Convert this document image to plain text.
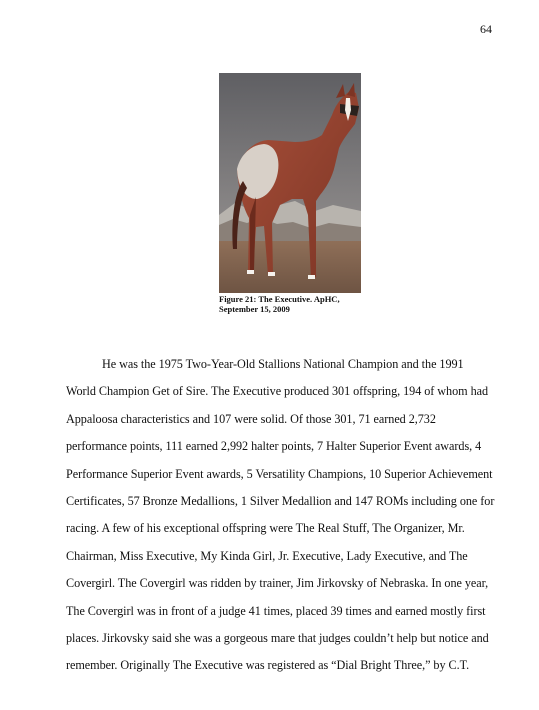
64
Figure 21: The Executive. ApHC,
September 15, 2009
He was the 1975 Two-Year-Old Stallions National Champion and the 1991
World Champion Get of Sire. The Executive produced 301 offspring, 194 of whom had
Appaloosa characteristics and 107 were solid. Of those 301, 71 earned 2,732
performance points, 111 earned 2,992 halter points, 7 Halter Superior Event awards, 4
Performance Superior Event awards, 5 Versatility Champions, 10 Superior Achievement
Certificates, 57 Bronze Medallions, 1 Silver Medallion and 147 ROMs including one for
racing. A few of his exceptional offspring were The Real Stuff, The Organizer, Mr.
Chairman, Miss Executive, My Kinda Girl, Jr. Executive, Lady Executive, and The
Covergirl. The Covergirl was ridden by trainer, Jim Jirkovsky of Nebraska. In one year,
The Covergirl was in front of a judge 41 times, placed 39 times and earned mostly first
places. Jirkovsky said she was a gorgeous mare that judges couldn’t help but notice and
remember. Originally The Executive was registered as “Dial Bright Three,” by C.T.
